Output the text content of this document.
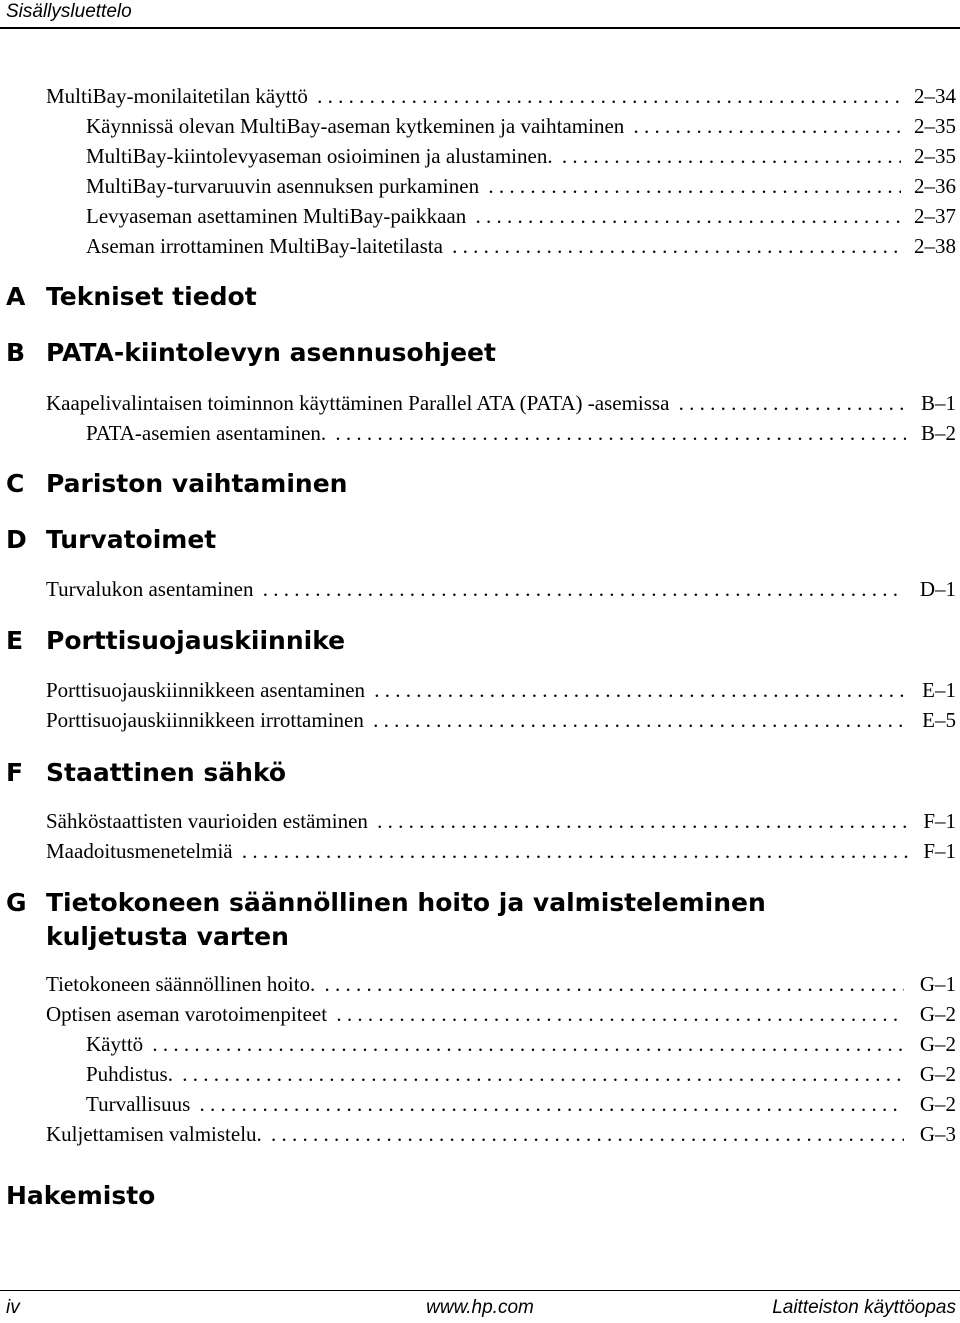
Sisällysluettelo
MultiBay-monilaitetilan käyttö . . .	2–34
Käynnissä olevan MultiBay-aseman kytkeminen ja vaihtaminen . . .	2–35
MultiBay-kiintolevyaseman osioiminen ja alustaminen. . . .	2–35
MultiBay-turvaruuvin asennuksen purkaminen . . .	2–36
Levyaseman asettaminen MultiBay-paikkaan . . .	2–37
Aseman irrottaminen MultiBay-laitetilasta . . .	2–38
A Tekniset tiedot
B PATA-kiintolevyn asennusohjeet
Kaapelivalintaisen toiminnon käyttäminen Parallel ATA (PATA) -asemissa . . .	B–1
PATA-asemien asentaminen. . . .	B–2
C Pariston vaihtaminen
D Turvatoimet
Turvalukon asentaminen . . .	D–1
E Porttisuojauskiinnike
Porttisuojauskiinnikkeen asentaminen . . .	E–1
Porttisuojauskiinnikkeen irrottaminen . . .	E–5
F Staattinen sähkö
Sähköstaattisten vaurioiden estäminen . . .	F–1
Maadoitusmenetelmiä . . .	F–1
G Tietokoneen säännöllinen hoito ja valmisteleminen
kuljetusta varten
Tietokoneen säännöllinen hoito. . . .	G–1
Optisen aseman varotoimenpiteet . . .	G–2
Käyttö . . .	G–2
Puhdistus. . . .	G–2
Turvallisuus . . .	G–2
Kuljettamisen valmistelu. . . .	G–3
Hakemisto
iv	www.hp.com	Laitteiston käyttöopas
